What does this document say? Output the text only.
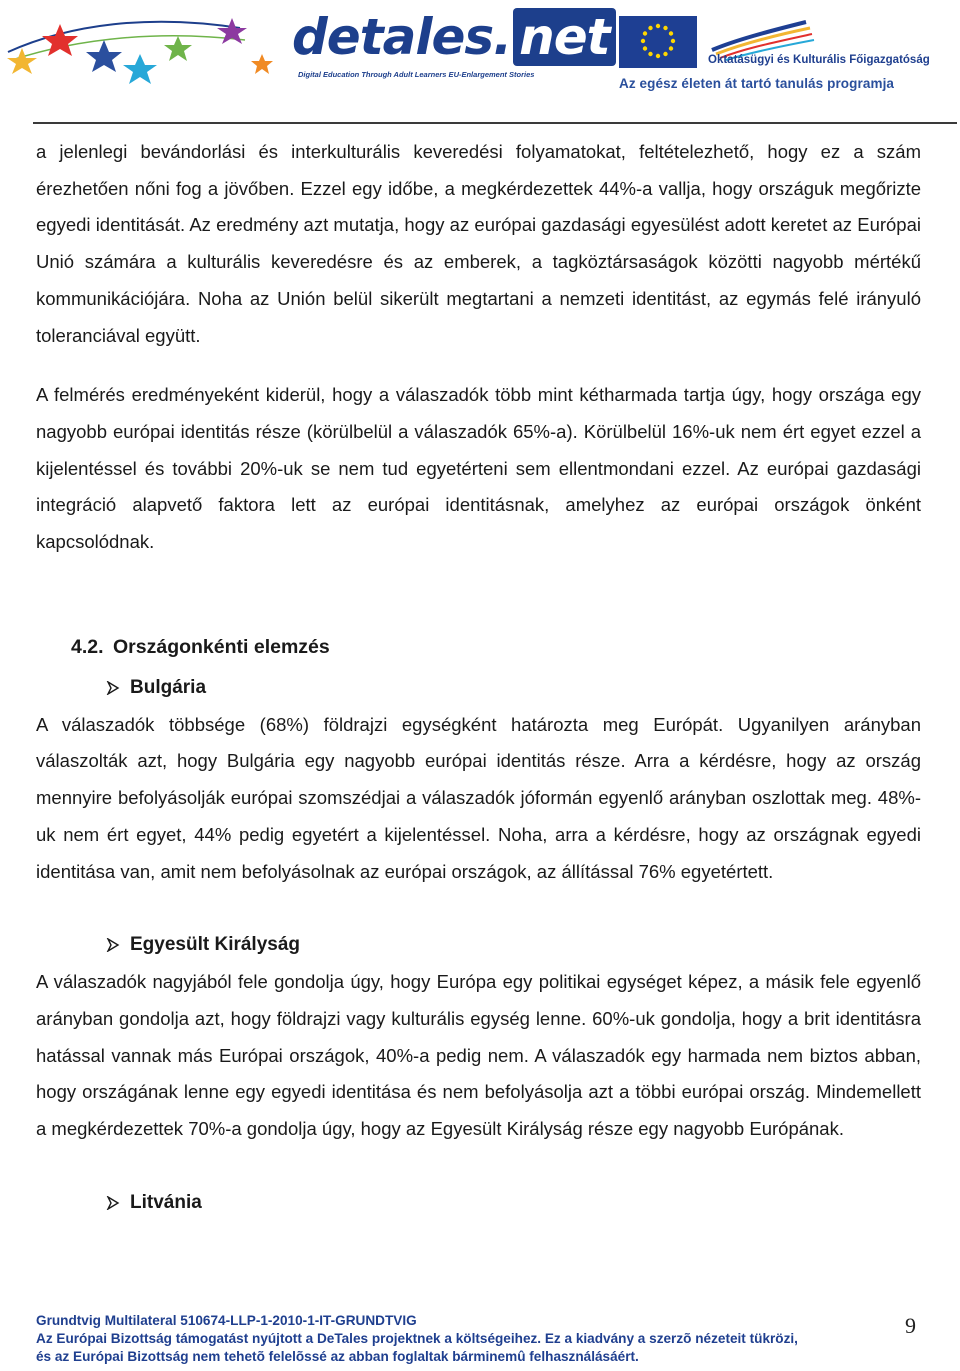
detales. net
Digital Education Through Adult Learners EU-Enlargement Stories
Oktatásügyi és Kulturális Főigazgatóság
Az egész életen át tartó tanulás programja

a jelenlegi bevándorlási és interkulturális keveredési folyamatokat, feltételezhető, hogy ez a szám érezhetően nőni fog a jövőben. Ezzel egy időbe, a megkérdezettek 44%-a vallja, hogy országuk megőrizte egyedi identitását. Az eredmény azt mutatja, hogy az európai gazdasági egyesülést adott keretet az Európai Unió számára a kulturális keveredésre és az emberek, a tagköztársaságok közötti nagyobb mértékű kommunikációjára. Noha az Unión belül sikerült megtartani a nemzeti identitást, az egymás felé irányuló toleranciával együtt.

A felmérés eredményeként kiderül, hogy a válaszadók több mint kétharmada tartja úgy, hogy országa egy nagyobb európai identitás része (körülbelül a válaszadók 65%-a). Körülbelül 16%-uk nem ért egyet ezzel a kijelentéssel és további 20%-uk se nem tud egyetérteni sem ellentmondani ezzel. Az európai gazdasági integráció alapvető faktora lett az európai identitásnak, amelyhez az európai országok önként kapcsolódnak.

4.2. Országonkénti elemzés
Bulgária

A válaszadók többsége (68%) földrajzi egységként határozta meg Európát. Ugyanilyen arányban válaszolták azt, hogy Bulgária egy nagyobb európai identitás része. Arra a kérdésre, hogy az ország mennyire befolyásolják európai szomszédjai a válaszadók jóformán egyenlő arányban oszlottak meg. 48%-uk nem ért egyet, 44% pedig egyetért a kijelentéssel. Noha, arra a kérdésre, hogy az országnak egyedi identitása van, amit nem befolyásolnak az európai országok, az állítással 76% egyetértett.

Egyesült Királyság

A válaszadók nagyjából fele gondolja úgy, hogy Európa egy politikai egységet képez, a másik fele egyenlő arányban gondolja azt, hogy földrajzi vagy kulturális egység lenne. 60%-uk gondolja, hogy a brit identitásra hatással vannak más Európai országok, 40%-a pedig nem. A válaszadók egy harmada nem biztos abban, hogy országának lenne egy egyedi identitása és nem befolyásolja azt a többi európai ország. Mindemellett a megkérdezettek 70%-a gondolja úgy, hogy az Egyesült Királyság része egy nagyobb Európának.

Litvánia
Grundtvig Multilateral 510674-LLP-1-2010-1-IT-GRUNDTVIG
Az Európai Bizottság támogatást nyújtott a DeTales projektnek a költségeihez. Ez a kiadvány a szerzõ nézeteit tükrözi,
és az Európai Bizottság nem tehetõ felelõssé az abban foglaltak bárminemû felhasználásáért.
9
